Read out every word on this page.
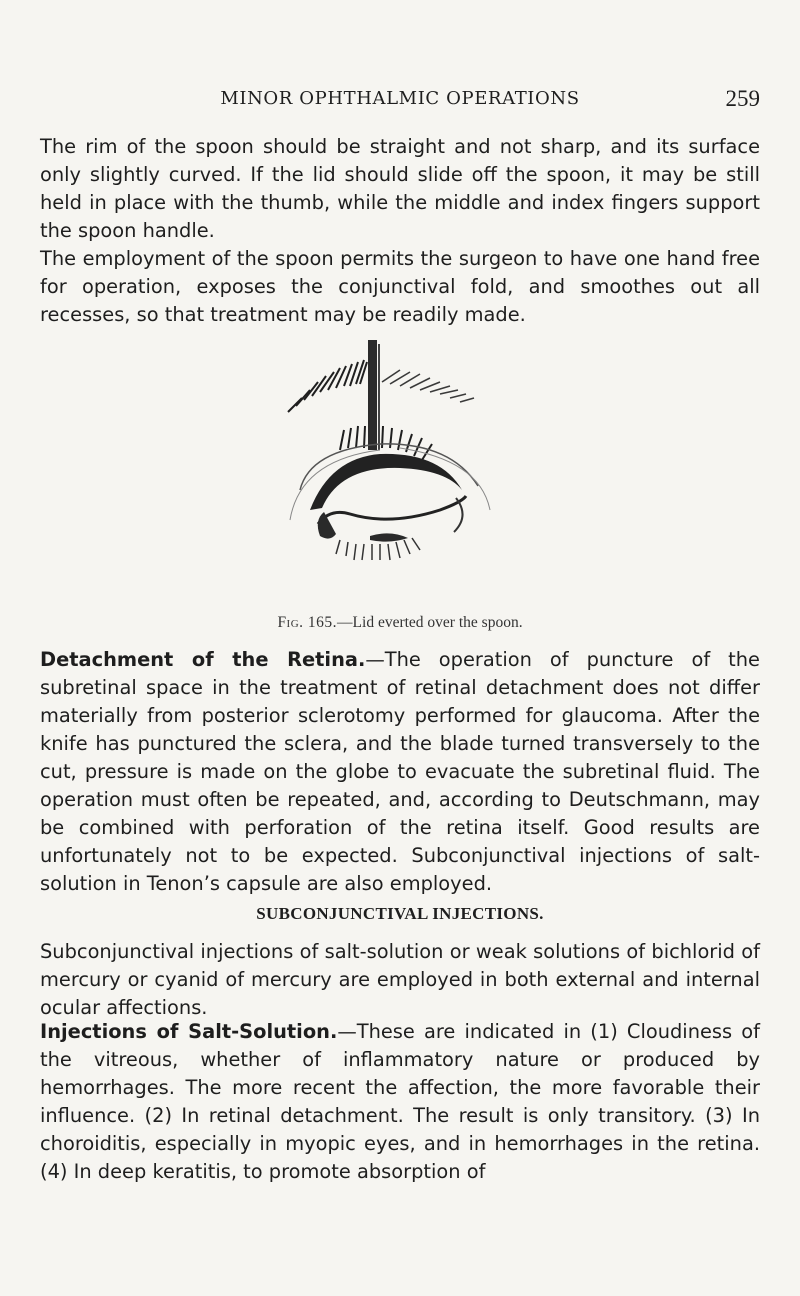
MINOR OPHTHALMIC OPERATIONS	259

The rim of the spoon should be straight and not sharp, and its surface only slightly curved. If the lid should slide off the spoon, it may be still held in place with the thumb, while the middle and index fingers support the spoon handle.

The employment of the spoon permits the surgeon to have one hand free for operation, exposes the conjunctival fold, and smoothes out all recesses, so that treatment may be readily made.

Fig. 165.—Lid everted over the spoon.

Detachment of the Retina.—The operation of puncture of the subretinal space in the treatment of retinal detachment does not differ materially from posterior sclerotomy performed for glaucoma. After the knife has punctured the sclera, and the blade turned transversely to the cut, pressure is made on the globe to evacuate the subretinal fluid. The operation must often be repeated, and, according to Deutschmann, may be combined with perforation of the retina itself. Good results are unfortunately not to be expected. Subconjunctival injections of salt-solution in Tenon’s capsule are also employed.

SUBCONJUNCTIVAL INJECTIONS.

Subconjunctival injections of salt-solution or weak solutions of bichlorid of mercury or cyanid of mercury are employed in both external and internal ocular affections.

Injections of Salt-Solution.—These are indicated in (1) Cloudiness of the vitreous, whether of inflammatory nature or produced by hemorrhages. The more recent the affection, the more favorable their influence. (2) In retinal detachment. The result is only transitory. (3) In choroiditis, especially in myopic eyes, and in hemorrhages in the retina. (4) In deep keratitis, to promote absorption of
